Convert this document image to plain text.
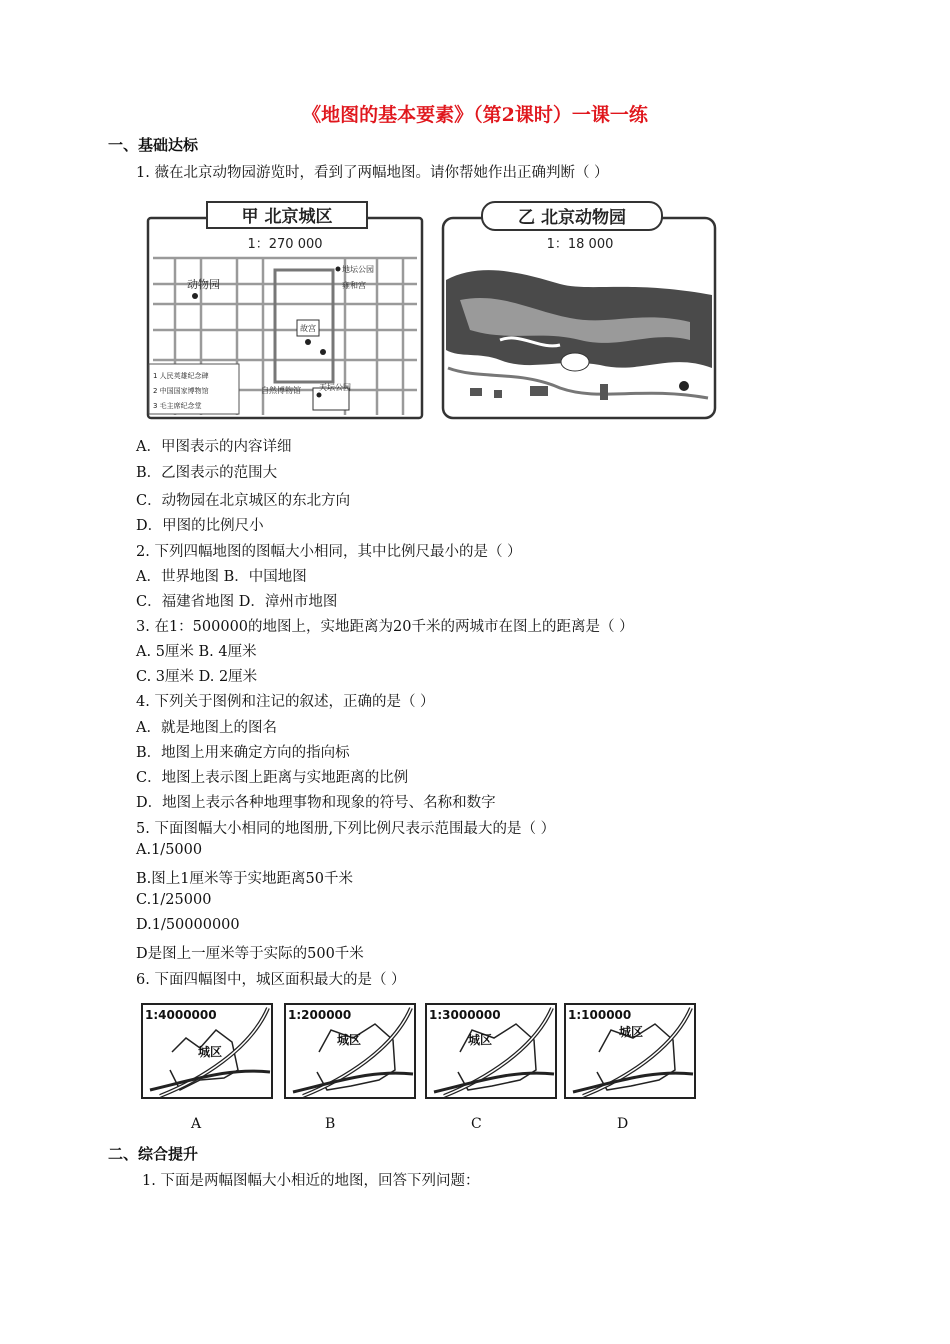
《地图的基本要素》（第2课时）一课一练
一、基础达标
1. 薇在北京动物园游览时，看到了两幅地图。请你帮她作出正确判断（ ）
甲 北京城区
1：270 000
动物园
地坛公园
雍和宫
故宫
1 人民英雄纪念碑
2 中国国家博物馆
3 毛主席纪念堂
自然博物馆 天坛公园
乙 北京动物园
1：18 000
A．甲图表示的内容详细
B．乙图表示的范围大
C．动物园在北京城区的东北方向
D．甲图的比例尺小
2. 下列四幅地图的图幅大小相同，其中比例尺最小的是（ ）
A．世界地图 B．中国地图
C．福建省地图 D．漳州市地图
3. 在1：500000的地图上，实地距离为20千米的两城市在图上的距离是（ ）
A. 5厘米 B. 4厘米
C. 3厘米 D. 2厘米
4. 下列关于图例和注记的叙述，正确的是（ ）
A．就是地图上的图名
B．地图上用来确定方向的指向标
C．地图上表示图上距离与实地距离的比例
D．地图上表示各种地理事物和现象的符号、名称和数字
5. 下面图幅大小相同的地图册,下列比例尺表示范围最大的是（ ）
A.1/5000
B.图上1厘米等于实地距离50千米
C.1/25000
D.1/50000000
D是图上一厘米等于实际的500千米
6. 下面四幅图中，城区面积最大的是（ ）
1:4000000
城区
1:200000
城区
1:3000000
城区
1:100000
城区
A	B	C	D
二、综合提升
1. 下面是两幅图幅大小相近的地图，回答下列问题：
